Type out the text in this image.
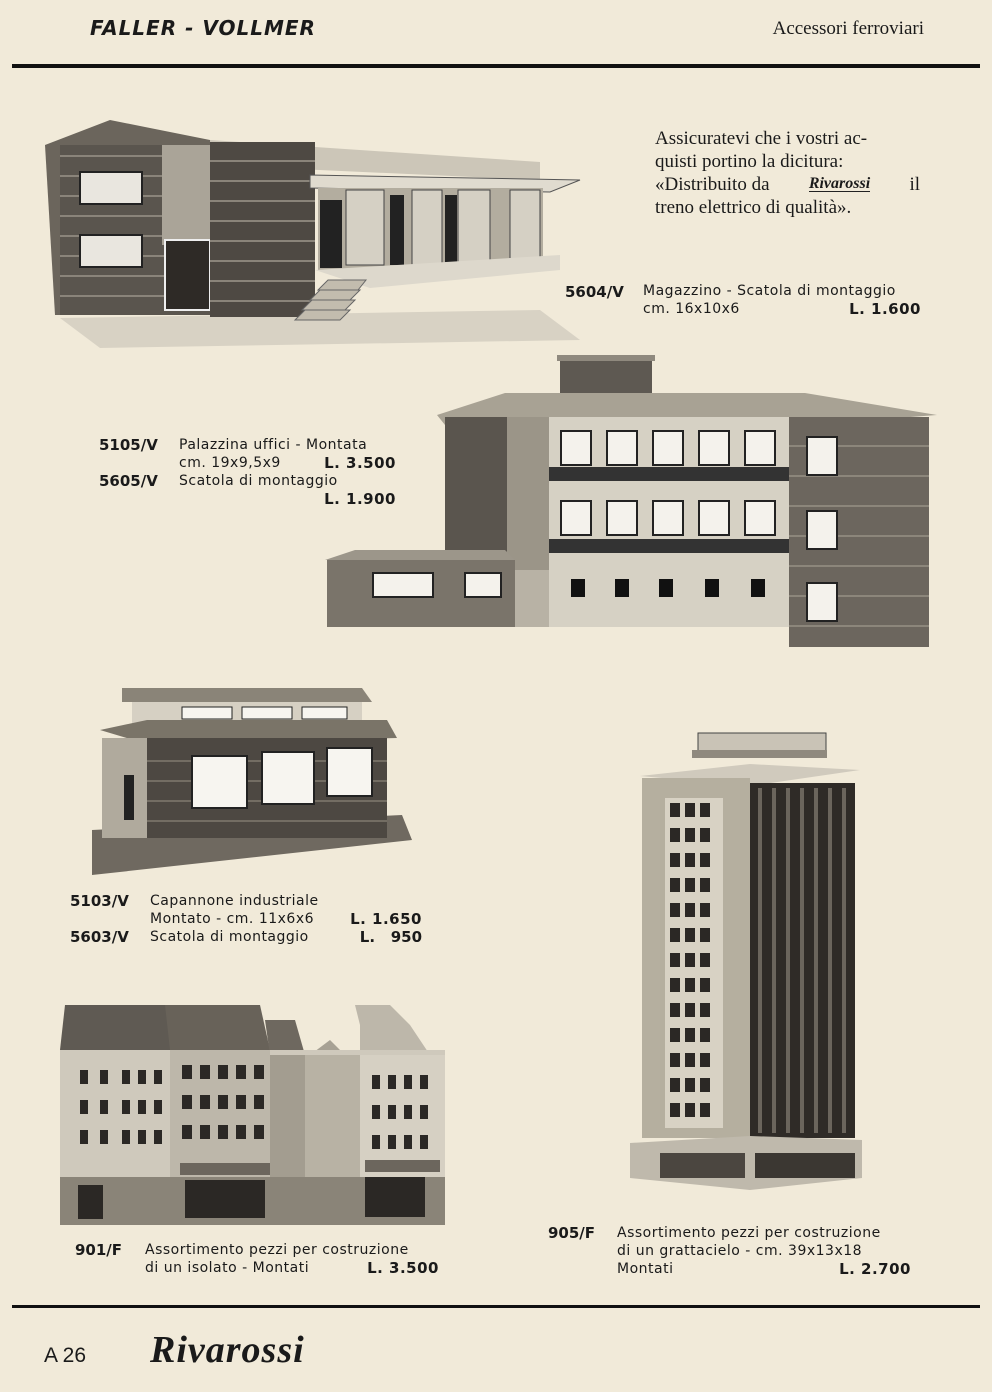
FALLER - VOLLMER	Accessori ferroviari
Assicuratevi che i vostri ac-
quisti portino la dicitura:
«Distribuito da Rivarossi il
treno elettrico di qualità».
5604/V Magazzino - Scatola di montaggio
cm. 16x10x6	L. 1.600
5105/V	Palazzina uffici - Montata
cm. 19x9,5x9	L. 3.500
5605/V	Scatola di montaggio
L. 1.900
5103/V	Capannone industriale
Montato - cm. 11x6x6 L. 1.650
5603/V	Scatola di montaggio	L.   950
901/F	Assortimento pezzi per costruzione
di un isolato - Montati	L. 3.500
905/F	Assortimento pezzi per costruzione
di un grattacielo - cm. 39x13x18
Montati	L. 2.700
A 26 Rivarossi
